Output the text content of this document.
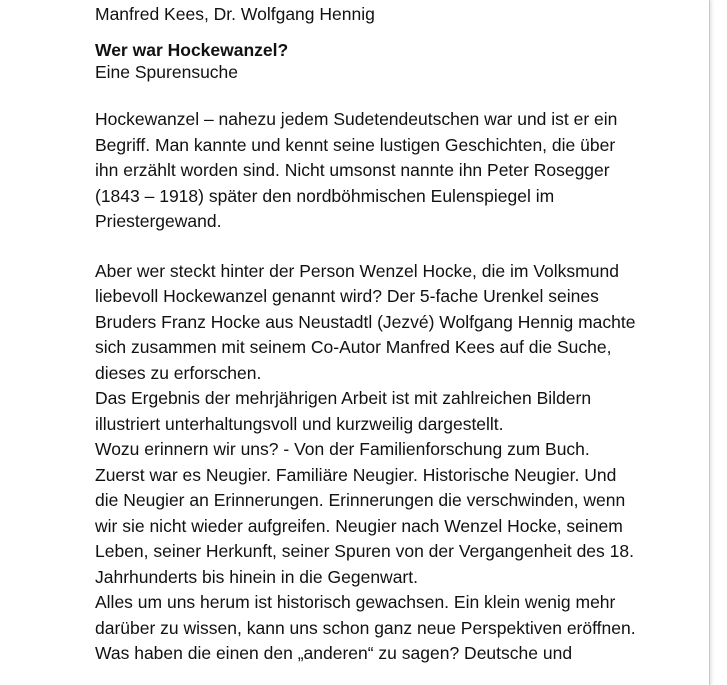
Manfred Kees, Dr. Wolfgang Hennig
Wer war Hockewanzel?
Eine Spurensuche
Hockewanzel – nahezu jedem Sudetendeutschen war und ist er ein
Begriff. Man kannte und kennt seine lustigen Geschichten, die über
ihn erzählt worden sind. Nicht umsonst nannte ihn Peter Rosegger
(1843 – 1918) später den nordböhmischen Eulenspiegel im
Priestergewand.
Aber wer steckt hinter der Person Wenzel Hocke, die im Volksmund
liebevoll Hockewanzel genannt wird? Der 5-fache Urenkel seines
Bruders Franz Hocke aus Neustadtl (Jezvé) Wolfgang Hennig machte
sich zusammen mit seinem Co-Autor Manfred Kees auf die Suche,
dieses zu erforschen.
Das Ergebnis der mehrjährigen Arbeit ist mit zahlreichen Bildern
illustriert unterhaltungsvoll und kurzweilig dargestellt.
Wozu erinnern wir uns? - Von der Familienforschung zum Buch.
Zuerst war es Neugier. Familiäre Neugier. Historische Neugier. Und
die Neugier an Erinnerungen. Erinnerungen die verschwinden, wenn
wir sie nicht wieder aufgreifen. Neugier nach Wenzel Hocke, seinem
Leben, seiner Herkunft, seiner Spuren von der Vergangenheit des 18.
Jahrhunderts bis hinein in die Gegenwart.
Alles um uns herum ist historisch gewachsen. Ein klein wenig mehr
darüber zu wissen, kann uns schon ganz neue Perspektiven eröffnen.
Was haben die einen den „anderen“ zu sagen? Deutsche und
